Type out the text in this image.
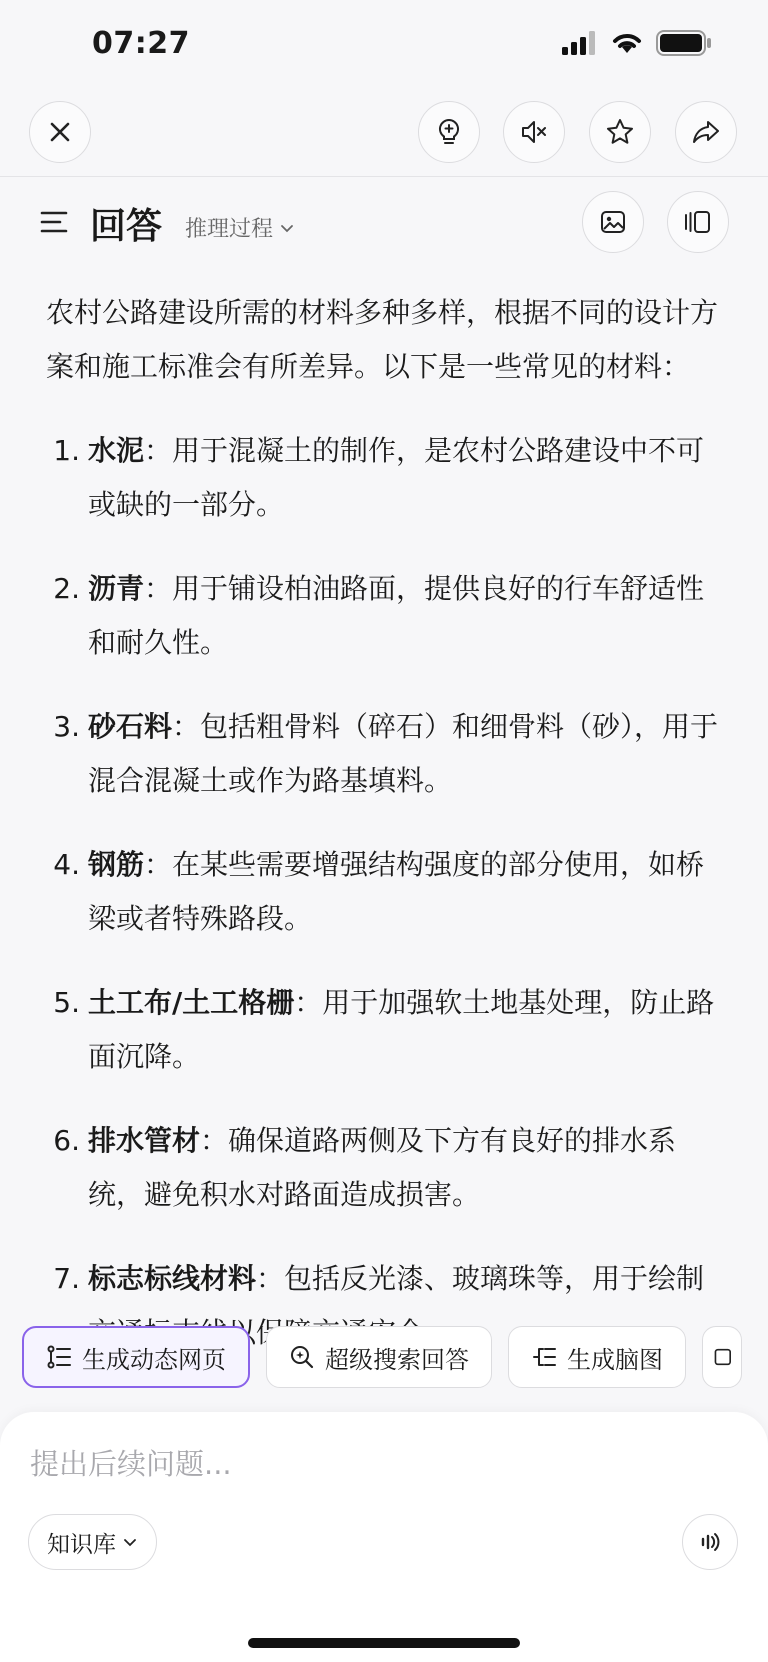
07:27
回答 推理过程

农村公路建设所需的材料多种多样，根据不同的设计方案和施工标准会有所差异。以下是一些常见的材料：

1. 水泥：用于混凝土的制作，是农村公路建设中不可或缺的一部分。
2. 沥青：用于铺设柏油路面，提供良好的行车舒适性和耐久性。
3. 砂石料：包括粗骨料（碎石）和细骨料（砂），用于混合混凝土或作为路基填料。
4. 钢筋：在某些需要增强结构强度的部分使用，如桥梁或者特殊路段。
5. 土工布/土工格栅：用于加强软土地基处理，防止路面沉降。
6. 排水管材：确保道路两侧及下方有良好的排水系统，避免积水对路面造成损害。
7. 标志标线材料：包括反光漆、玻璃珠等，用于绘制 以保
生成动态网页	超级搜索回答	生成脑图
提出后续问题...
知识库
